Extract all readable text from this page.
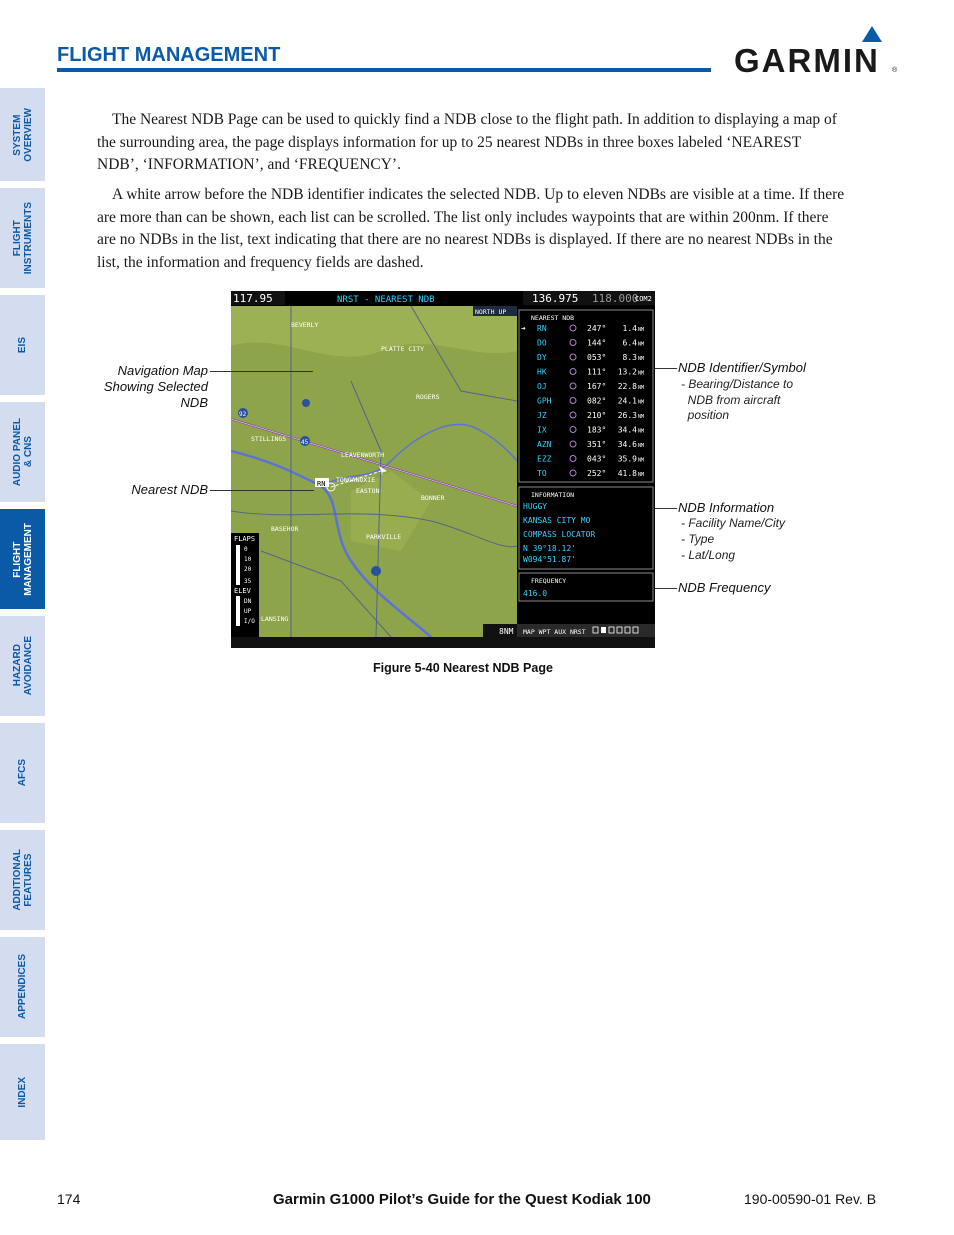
FLIGHT MANAGEMENT	GARMIN ®
SYSTEM
OVERVIEW
FLIGHT
INSTRUMENTS
EIS
AUDIO PANEL
& CNS
FLIGHT
MANAGEMENT
HAZARD
AVOIDANCE
AFCS
ADDITIONAL
FEATURES
APPENDICES
INDEX

The Nearest NDB Page can be used to quickly find a NDB close to the flight path. In addition to displaying a map of the surrounding area, the page displays information for up to 25 nearest NDBs in three boxes labeled ‘NEAREST NDB’, ‘INFORMATION’, and ‘FREQUENCY’.

A white arrow before the NDB identifier indicates the selected NDB. Up to eleven NDBs are visible at a time. If there are more than can be shown, each list can be scrolled. The list only includes waypoints that are within 200nm. If there are no NDBs in the list, text indicating that there are no nearest NDBs is displayed. If there are no nearest NDBs in the list, the information and frequency fields are dashed.

117.95	NRST - NEAREST NDB	136.975 118.000
COM2
RN
BEVERLY
PLATTE CITY
ROGERS
STILLINGS
LEAVENWORTH
EASTON
TONGANOXIE
BONNER
LANSING
BASEHOR
PARKVILLE
92
45
FLAPS
0
10
20
35
ELEV
DN
UP
I/O
NORTH UP
NEAREST NDB
➔ RN	247° 1.4 NM
DO	144° 6.4 NM
DY	053° 8.3 NM
HK	111° 13.2 NM
OJ	167° 22.8 NM
GPH	082° 24.1 NM
JZ	210° 26.3 NM
IX	183° 34.4 NM
AZN	351° 34.6 NM
EZZ	043° 35.9 NM
TO	252° 41.8 NM
INFORMATION
HUGGY
KANSAS CITY MO
COMPASS LOCATOR
N 39°18.12'
W094°51.87'
FREQUENCY
416.0
8NM MAP WPT AUX NRST
Navigation Map
Showing Selected
NDB
Nearest NDB
NDB Identifier/Symbol
- Bearing/Distance to
NDB from aircraft
position
NDB Information
- Facility Name/City
- Type
- Lat/Long
NDB Frequency
Figure 5-40 Nearest NDB Page
174	Garmin G1000 Pilot’s Guide for the Quest Kodiak 100	190-00590-01 Rev. B
